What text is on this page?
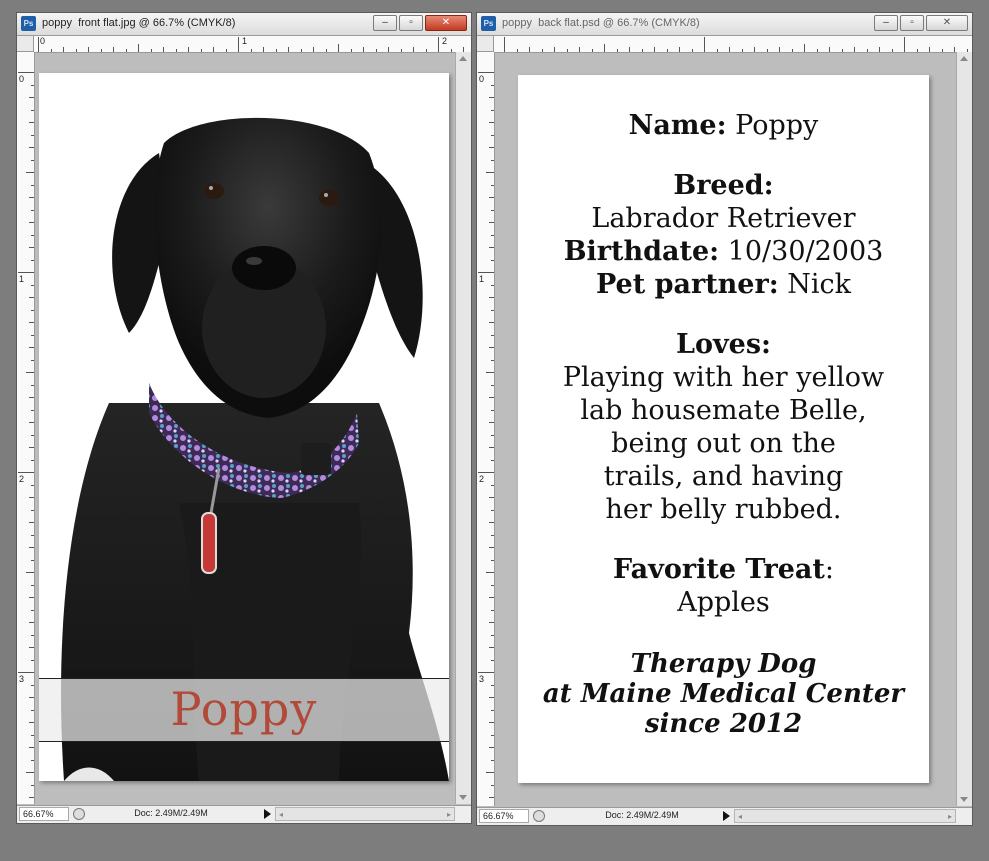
Ps poppy  front flat.jpg @ 66.7% (CMYK/8)	–	▫	✕
0	1	2
0
1
2
3
Poppy
66.67%	Doc: 2.49M/2.49M	◂	▸
Ps poppy  back flat.psd @ 66.7% (CMYK/8)	–	▫	✕
0
1
2
3
Name: Poppy
Breed:
Labrador Retriever
Birthdate: 10/30/2003
Pet partner: Nick
Loves:
Playing with her yellow
lab housemate Belle,
being out on the
trails, and having
her belly rubbed.
Favorite Treat:
Apples
Therapy Dog
at Maine Medical Center
since 2012
66.67%	Doc: 2.49M/2.49M	◂	▸
